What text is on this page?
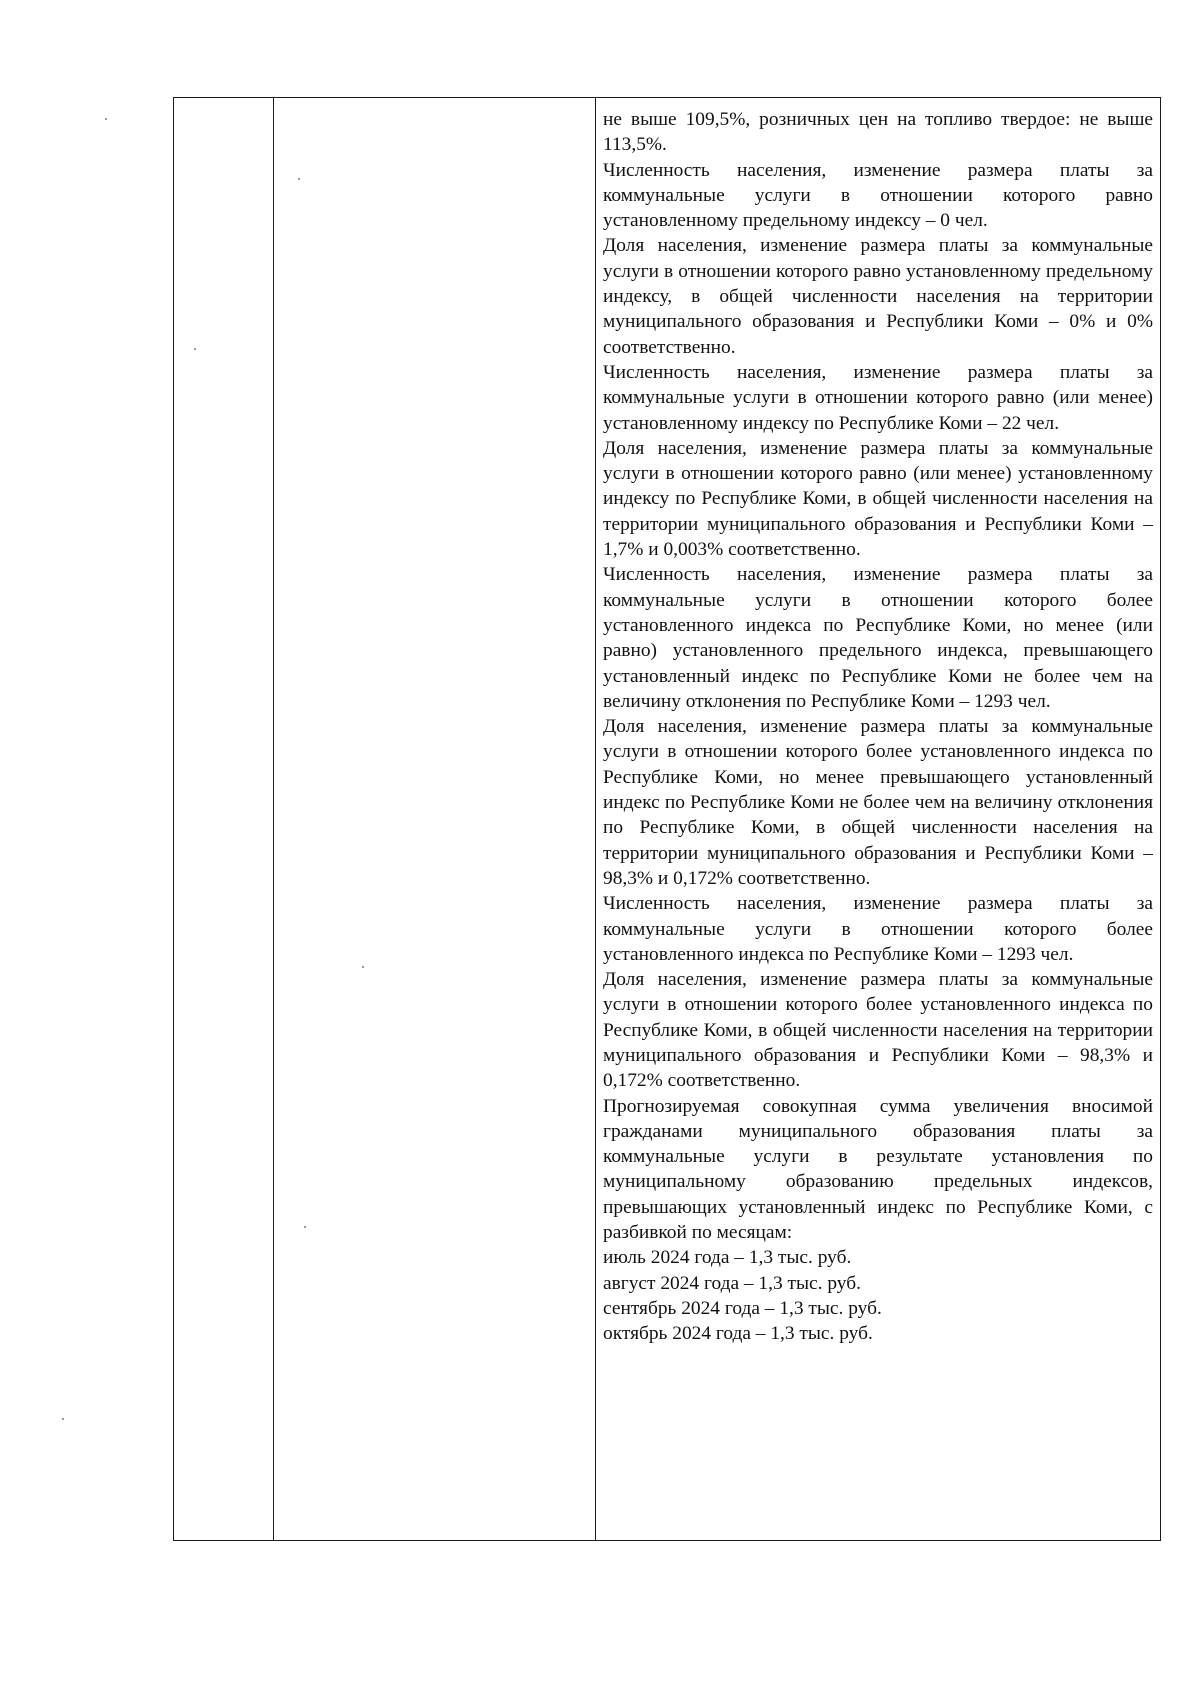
не выше 109,5%, розничных цен на топливо твердое: не выше 113,5%.

Численность населения, изменение размера платы за коммунальные услуги в отношении которого равно установленному предельному индексу – 0 чел.

Доля населения, изменение размера платы за коммунальные услуги в отношении которого равно установленному предельному индексу, в общей численности населения на территории муниципального образования и Республики Коми – 0% и 0% соответственно.

Численность населения, изменение размера платы за коммунальные услуги в отношении которого равно (или менее) установленному индексу по Республике Коми – 22 чел.

Доля населения, изменение размера платы за коммунальные услуги в отношении которого равно (или менее) установленному индексу по Республике Коми, в общей численности населения на территории муниципального образования и Республики Коми – 1,7% и 0,003% соответственно.

Численность населения, изменение размера платы за коммунальные услуги в отношении которого более установленного индекса по Республике Коми, но менее (или равно) установленного предельного индекса, превышающего установленный индекс по Республике Коми не более чем на величину отклонения по Республике Коми – 1293 чел.

Доля населения, изменение размера платы за коммунальные услуги в отношении которого более установленного индекса по Республике Коми, но менее превышающего установленный индекс по Республике Коми не более чем на величину отклонения по Республике Коми, в общей численности населения на территории муниципального образования и Республики Коми – 98,3% и 0,172% соответственно.

Численность населения, изменение размера платы за коммунальные услуги в отношении которого более установленного индекса по Республике Коми – 1293 чел.

Доля населения, изменение размера платы за коммунальные услуги в отношении которого более установленного индекса по Республике Коми, в общей численности населения на территории муниципального образования и Республики Коми – 98,3% и 0,172% соответственно.

Прогнозируемая совокупная сумма увеличения вносимой гражданами муниципального образования платы за коммунальные услуги в результате установления по муниципальному образованию предельных индексов, превышающих установленный индекс по Республике Коми, с разбивкой по месяцам:

июль 2024 года – 1,3 тыс. руб.

август 2024 года – 1,3 тыс. руб.

сентябрь 2024 года – 1,3 тыс. руб.

октябрь 2024 года – 1,3 тыс. руб.
